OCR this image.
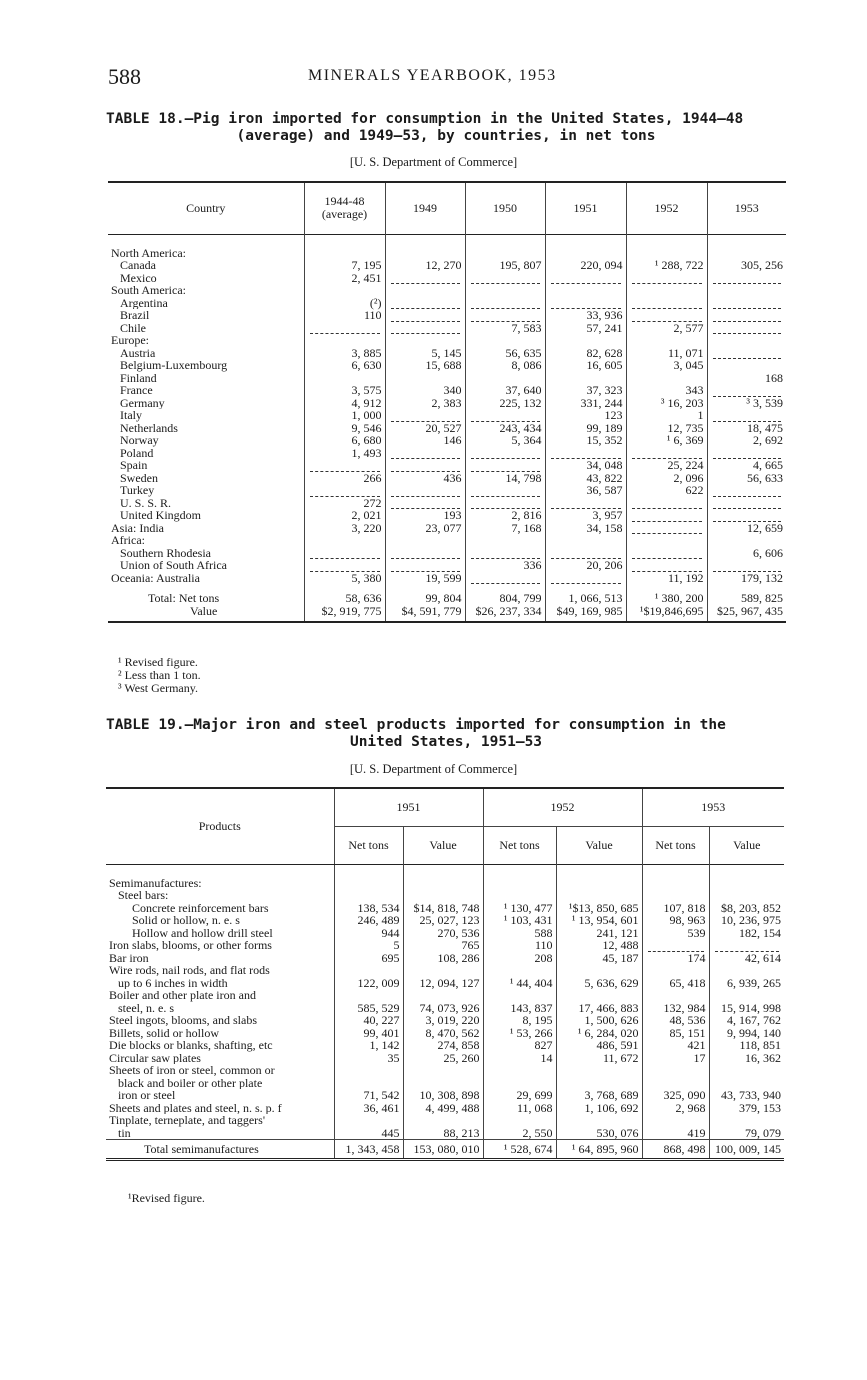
588	MINERALS YEARBOOK, 1953
TABLE 18.—Pig iron imported for consumption in the United States, 1944–48
(average) and 1949–53, by countries, in net tons
[U. S. Department of Commerce]
Country	1944-48 (average)	1949	1950	1951	1952	1953
North America:						
Canada	7, 195	12, 270	195, 807	220, 094	¹ 288, 722	305, 256
Mexico	2, 451	

South America:						
Argentina	(²)	

Brazil	110			33, 936	

Chile			7, 583	57, 241	2, 577	

Europe:						
Austria	3, 885	5, 145	56, 635	82, 628	11, 071	

Belgium-Luxembourg	6, 630	15, 688	8, 086	16, 605	3, 045	
Finland						168
France	3, 575	340	37, 640	37, 323	343	

Germany	4, 912	2, 383	225, 132	331, 244	³ 16, 203	³ 3, 539
Italy	1, 000			123	1	

Netherlands	9, 546	20, 527	243, 434	99, 189	12, 735	18, 475
Norway	6, 680	146	5, 364	15, 352	¹ 6, 369	2, 692
Poland	1, 493	

Spain				34, 048	25, 224	4, 665
Sweden	266	436	14, 798	43, 822	2, 096	56, 633
Turkey				36, 587	622	

U. S. S. R.	272	

United Kingdom	2, 021	193	2, 816	3, 957	

Asia: India	3, 220	23, 077	7, 168	34, 158		12, 659
Africa:						
Southern Rhodesia						6, 606
Union of South Africa			336	20, 206	

Oceania: Australia	5, 380	19, 599			11, 192	179, 132
Total: Net tons	58, 636	99, 804	804, 799	1, 066, 513	¹ 380, 200	589, 825
Value	$2, 919, 775	$4, 591, 779	$26, 237, 334	$49, 169, 985	¹$19,846,695	$25, 967, 435
¹ Revised figure.
² Less than 1 ton.
³ West Germany.
TABLE 19.—Major iron and steel products imported for consumption in the
United States, 1951–53
[U. S. Department of Commerce]
Products	1951		1952		1953	
	Net tons	Value	Net tons	Value	Net tons	Value
Semimanufactures:						
Steel bars:						
Concrete reinforcement bars	138, 534	$14, 818, 748	¹ 130, 477	¹$13, 850, 685	107, 818	$8, 203, 852
Solid or hollow, n. e. s	246, 489	25, 027, 123	¹ 103, 431	¹ 13, 954, 601	98, 963	10, 236, 975
Hollow and hollow drill steel	944	270, 536	588	241, 121	539	182, 154
Iron slabs, blooms, or other forms	5	765	110	12, 488	

Bar iron	695	108, 286	208	45, 187	174	42, 614
Wire rods, nail rods, and flat rods						
up to 6 inches in width	122, 009	12, 094, 127	¹ 44, 404	5, 636, 629	65, 418	6, 939, 265
Boiler and other plate iron and						
steel, n. e. s	585, 529	74, 073, 926	143, 837	17, 466, 883	132, 984	15, 914, 998
Steel ingots, blooms, and slabs	40, 227	3, 019, 220	8, 195	1, 500, 626	48, 536	4, 167, 762
Billets, solid or hollow	99, 401	8, 470, 562	¹ 53, 266	¹ 6, 284, 020	85, 151	9, 994, 140
Die blocks or blanks, shafting, etc	1, 142	274, 858	827	486, 591	421	118, 851
Circular saw plates	35	25, 260	14	11, 672	17	16, 362
Sheets of iron or steel, common or						
black and boiler or other plate						
iron or steel	71, 542	10, 308, 898	29, 699	3, 768, 689	325, 090	43, 733, 940
Sheets and plates and steel, n. s. p. f	36, 461	4, 499, 488	11, 068	1, 106, 692	2, 968	379, 153
Tinplate, terneplate, and taggers'						
tin	445	88, 213	2, 550	530, 076	419	79, 079
Total semimanufactures	1, 343, 458	153, 080, 010	¹ 528, 674	¹ 64, 895, 960	868, 498	100, 009, 145
¹Revised figure.
